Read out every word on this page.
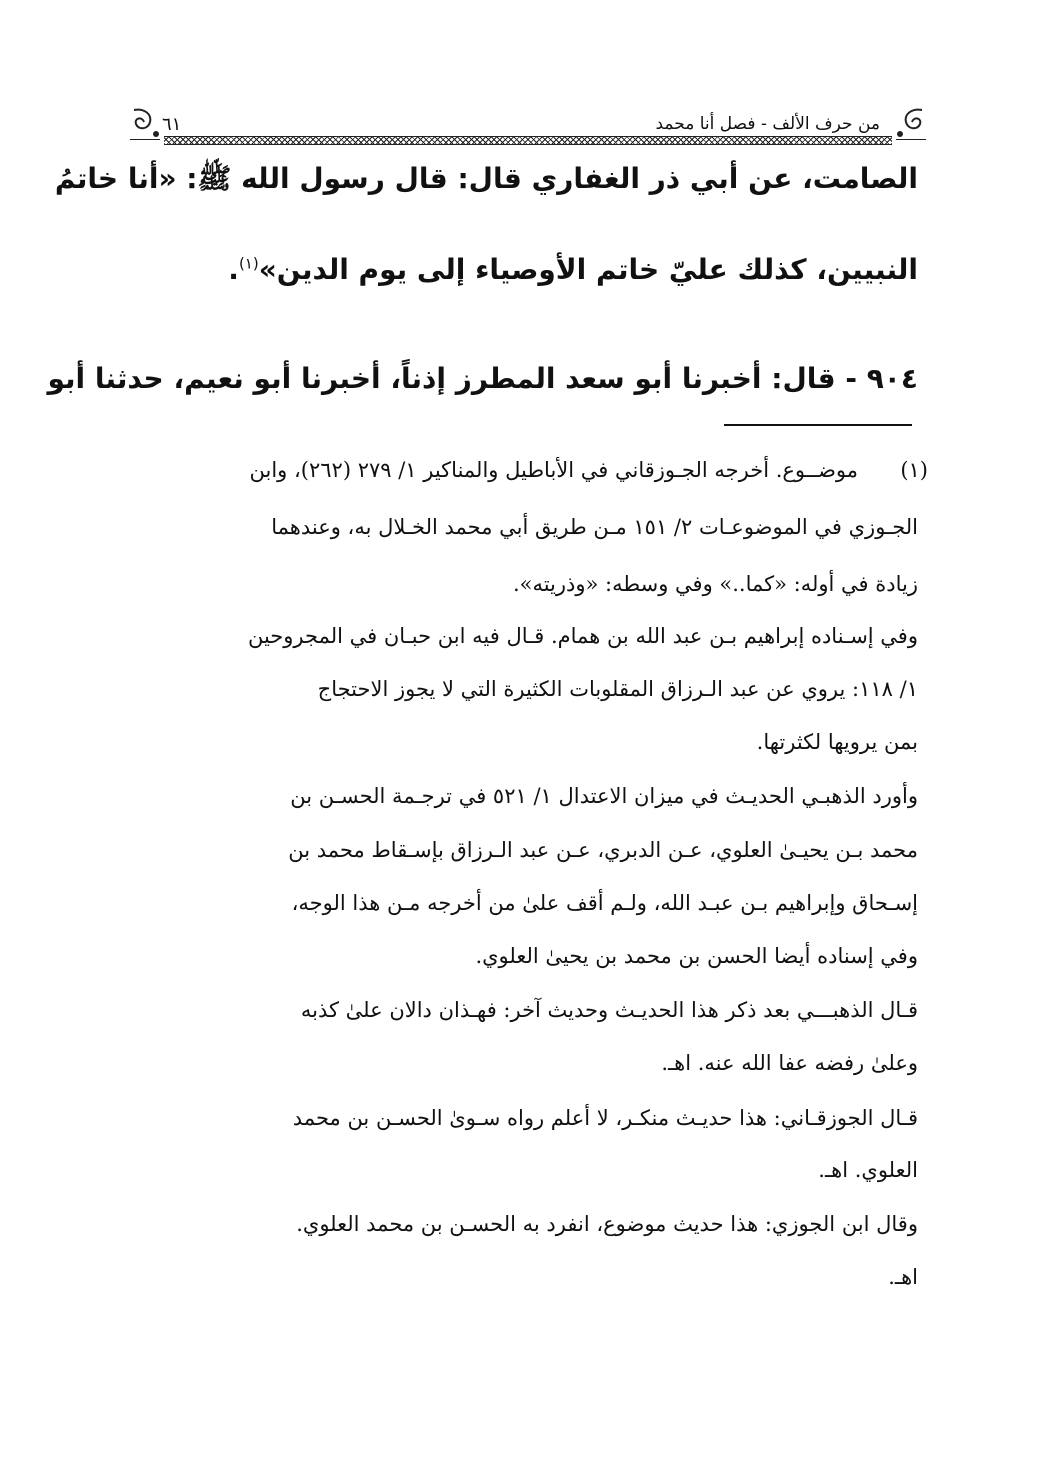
من حرف الألف - فصل أنا محمد
٦١
الصامت، عن أبي ذر الغفاري قال: قال رسول الله ﷺ: «أنا خاتمُ
النبيين، كذلك عليّ خاتم الأوصياء إلى يوم الدين»$^{(١)}$.
٩٠٤ - قال: أخبرنا أبو سعد المطرز إذناً، أخبرنا أبو نعيم، حدثنا أبو
(١)
موضــوع. أخرجه الجـوزقاني في الأباطيل والمناكير ١/ ٢٧٩ (٢٦٢)، وابن
الجـوزي في الموضوعـات ٢/ ١٥١ مـن طريق أبي محمد الخـلال به، وعندهما
زيادة في أوله: «كما..» وفي وسطه: «وذريته».
وفي إسـناده إبراهيم بـن عبد الله بن همام. قـال فيه ابن حبـان في المجروحين
١/ ١١٨: يروي عن عبد الـرزاق المقلوبات الكثيرة التي لا يجوز الاحتجاج
بمن يرويها لكثرتها.
وأورد الذهبـي الحديـث في ميزان الاعتدال ١/ ٥٢١ في ترجـمة الحسـن بن
محمد بـن يحيـىٰ العلوي، عـن الدبري، عـن عبد الـرزاق بإسـقاط محمد بن
إسـحاق وإبراهيم بـن عبـد الله، ولـم أقف علىٰ من أخرجه مـن هذا الوجه،
وفي إسناده أيضا الحسن بن محمد بن يحيىٰ العلوي.
قـال الذهبـــي بعد ذكر هذا الحديـث وحديث آخر: فهـذان دالان علىٰ كذبه
وعلىٰ رفضه عفا الله عنه. اهـ.
قـال الجوزقـاني: هذا حديـث منكـر، لا أعلم رواه سـوىٰ الحسـن بن محمد
العلوي. اهـ.
وقال ابن الجوزي: هذا حديث موضوع، انفرد به الحسـن بن محمد العلوي.
اهـ.
